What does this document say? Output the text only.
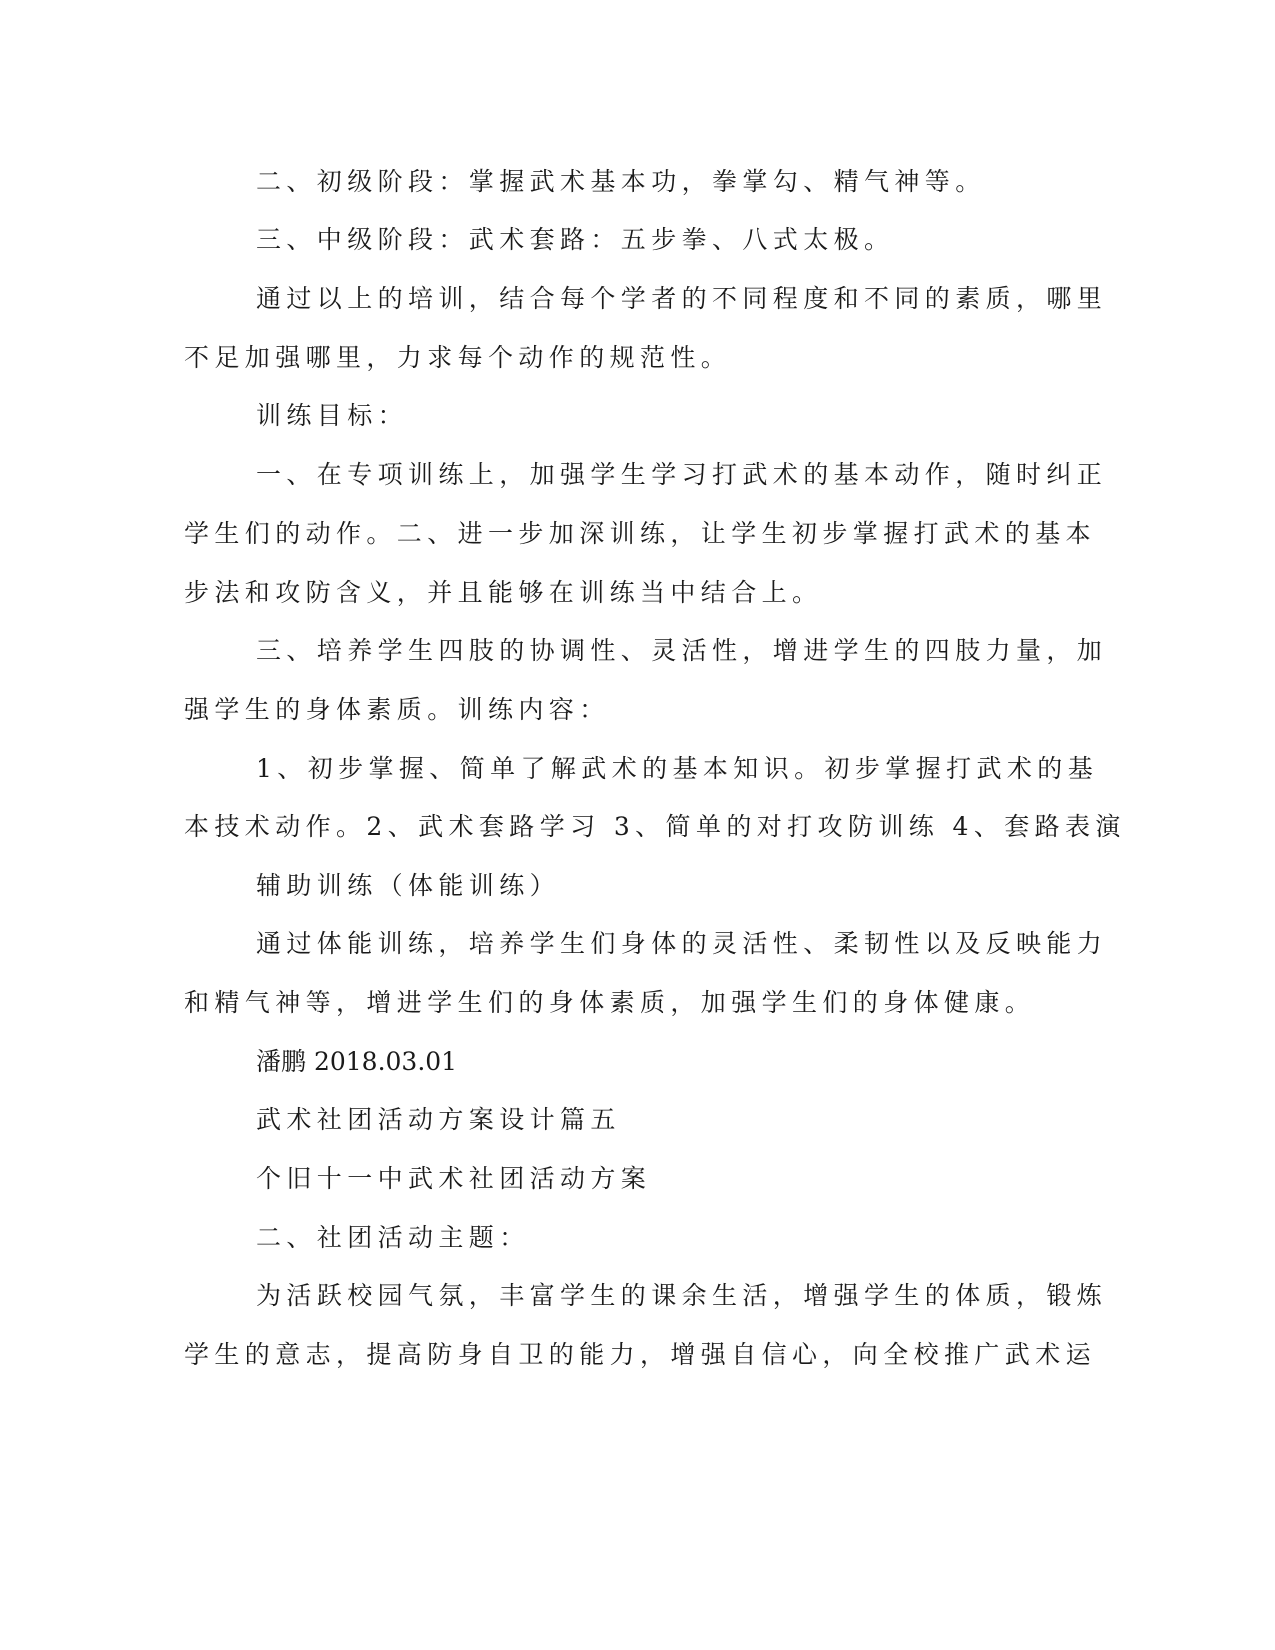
二、初级阶段：掌握武术基本功，拳掌勾、精气神等。

三、中级阶段：武术套路：五步拳、八式太极。

通过以上的培训，结合每个学者的不同程度和不同的素质，哪里

不足加强哪里，力求每个动作的规范性。

训练目标：

一、在专项训练上，加强学生学习打武术的基本动作，随时纠正

学生们的动作。二、进一步加深训练，让学生初步掌握打武术的基本

步法和攻防含义，并且能够在训练当中结合上。

三、培养学生四肢的协调性、灵活性，增进学生的四肢力量，加

强学生的身体素质。训练内容：

1、初步掌握、简单了解武术的基本知识。初步掌握打武术的基

本技术动作。2、武术套路学习 3、简单的对打攻防训练 4、套路表演

辅助训练（体能训练）

通过体能训练，培养学生们身体的灵活性、柔韧性以及反映能力

和精气神等，增进学生们的身体素质，加强学生们的身体健康。

潘鹏 2018.03.01

武术社团活动方案设计篇五

个旧十一中武术社团活动方案

二、社团活动主题：

为活跃校园气氛，丰富学生的课余生活，增强学生的体质，锻炼

学生的意志，提高防身自卫的能力，增强自信心，向全校推广武术运
